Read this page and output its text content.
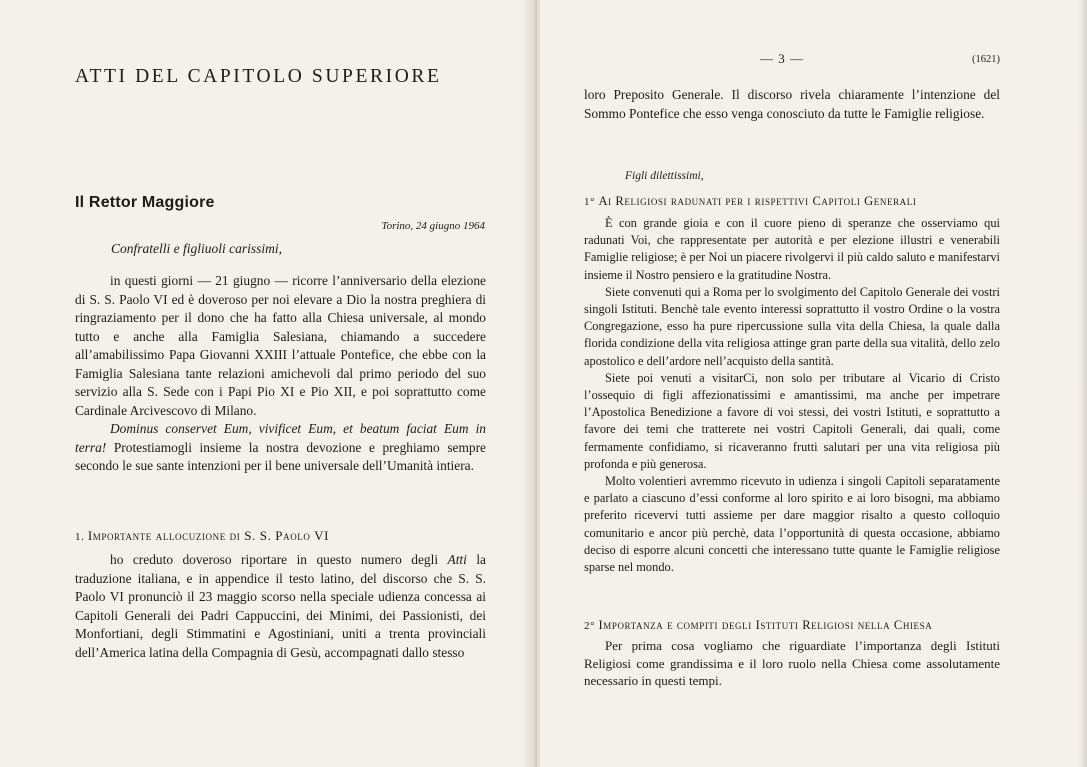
ATTI DEL CAPITOLO SUPERIORE
Il Rettor Maggiore
Torino, 24 giugno 1964
Confratelli e figliuoli carissimi,

in questi giorni — 21 giugno — ricorre l’anniversario della elezione di S. S. Paolo VI ed è doveroso per noi elevare a Dio la nostra preghiera di ringraziamento per il dono che ha fatto alla Chiesa universale, al mondo tutto e anche alla Famiglia Salesiana, chiamando a succedere all’amabilissimo Papa Giovanni XXIII l’attuale Pontefice, che ebbe con la Famiglia Salesiana tante relazioni amichevoli dal primo periodo del suo servizio alla S. Sede con i Papi Pio XI e Pio XII, e poi soprattutto come Cardinale Arcivescovo di Milano.

Dominus conservet Eum, vivificet Eum, et beatum faciat Eum in terra! Protestiamogli insieme la nostra devozione e preghiamo sempre secondo le sue sante intenzioni per il bene universale dell’Umanità intiera.

1. Importante allocuzione di S. S. Paolo VI

ho creduto doveroso riportare in questo numero degli Atti la traduzione italiana, e in appendice il testo latino, del discorso che S. S. Paolo VI pronunciò il 23 maggio scorso nella speciale udienza concessa ai Capitoli Generali dei Padri Cappuccini, dei Minimi, dei Passionisti, dei Monfortiani, degli Stimmatini e Agostiniani, uniti a trenta provinciali dell’America latina della Compagnia di Gesù, accompagnati dallo stesso

— 3 —	(1621)

loro Preposito Generale. Il discorso rivela chiaramente l’intenzione del Sommo Pontefice che esso venga conosciuto da tutte le Famiglie religiose.

Figli dilettissimi,
1° Ai Religiosi radunati per i rispettivi Capitoli Generali

È con grande gioia e con il cuore pieno di speranze che osserviamo qui radunati Voi, che rappresentate per autorità e per elezione illustri e venerabili Famiglie religiose; è per Noi un piacere rivolgervi il più caldo saluto e manifestarvi insieme il Nostro pensiero e la gratitudine Nostra.

Siete convenuti qui a Roma per lo svolgimento del Capitolo Generale dei vostri singoli Istituti. Benchè tale evento interessi soprattutto il vostro Ordine o la vostra Congregazione, esso ha pure ripercussione sulla vita della Chiesa, la quale dalla florida condizione della vita religiosa attinge gran parte della sua vitalità, dello zelo apostolico e dell’ardore nell’acquisto della santità.

Siete poi venuti a visitarCi, non solo per tributare al Vicario di Cristo l’ossequio di figli affezionatissimi e amantissimi, ma anche per impetrare l’Apostolica Benedizione a favore di voi stessi, dei vostri Istituti, e soprattutto a favore dei temi che tratterete nei vostri Capitoli Generali, dai quali, come fermamente confidiamo, si ricaveranno frutti salutari per una vita religiosa più profonda e più generosa.

Molto volentieri avremmo ricevuto in udienza i singoli Capitoli separatamente e parlato a ciascuno d’essi conforme al loro spirito e ai loro bisogni, ma abbiamo preferito ricevervi tutti assieme per dare maggior risalto a questo colloquio comunitario e ancor più perchè, data l’opportunità di questa occasione, abbiamo deciso di esporre alcuni concetti che interessano tutte quante le Famiglie religiose sparse nel mondo.

2° Importanza e compiti degli Istituti Religiosi nella Chiesa

Per prima cosa vogliamo che riguardiate l’importanza degli Istituti Religiosi come grandissima e il loro ruolo nella Chiesa come assolutamente necessario in questi tempi.
